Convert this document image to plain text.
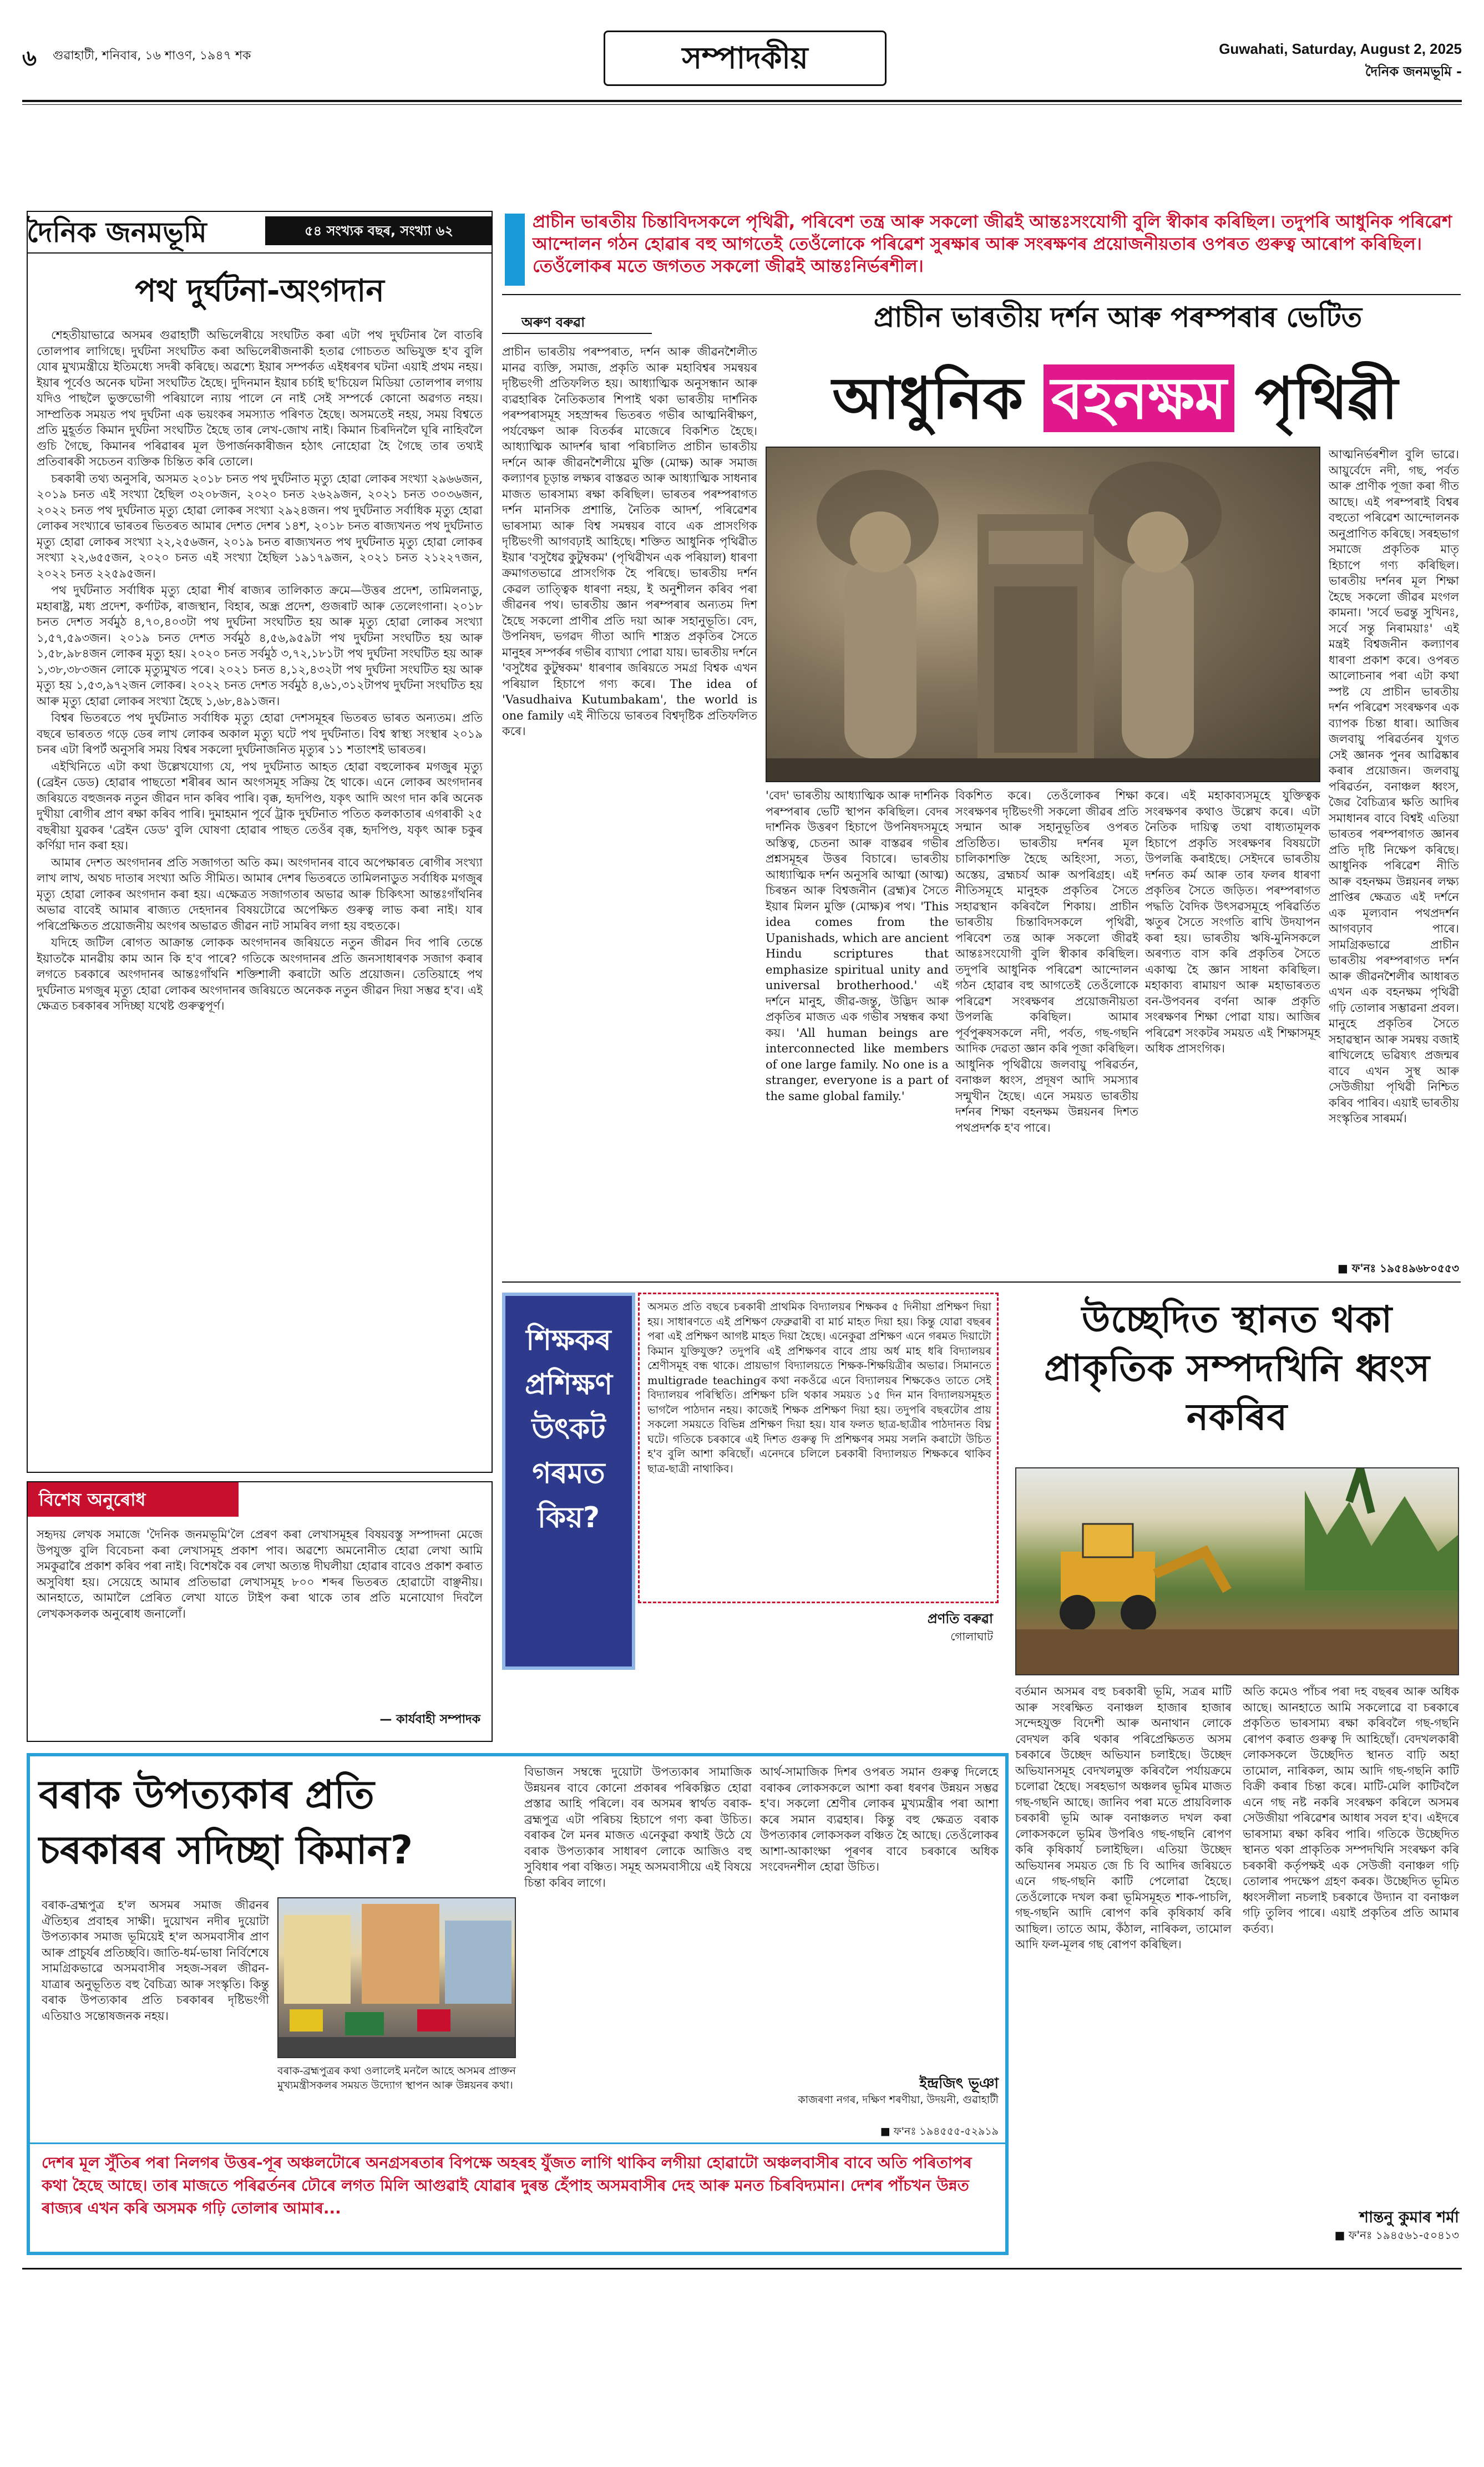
৬ গুৱাহাটী, শনিবাৰ, ১৬ শাওণ, ১৯৪৭ শক	সম্পাদকীয়	Guwahati, Saturday, August 2, 2025
দৈনিক জনমভূমি -
দৈনিক জনমভূমি	৫৪ সংখ্যক বছৰ, সংখ্যা ৬২
পথ দুৰ্ঘটনা-অংগদান

শেহতীয়াভাৱে অসমৰ গুৱাহাটী অভিলেৰীয়ে সংঘটিত কৰা এটা পথ দুৰ্ঘটনাৰ লৈ বাতৰি তোলপাৰ লাগিছে। দুৰ্ঘটনা সংঘটিত কৰা অভিলেৰীজনাকী হতাৱ গোচতত অভিযুক্ত হ'ব বুলি যোৰ মুখ্যমন্ত্ৰীয়ে ইতিমধ্যে সদৰী কৰিছে। অৱশ্যে ইয়াৰ সম্পৰ্কত এইধৰণৰ ঘটনা এয়াই প্ৰথম নহয়। ইয়াৰ পূৰ্বেও অনেক ঘটনা সংঘটিত হৈছে। দুদিনমান ইয়াৰ চৰ্চাই ছ'চিয়েল মিডিয়া তোলপাৰ লগায় যদিও পাছলৈ ভুক্তভোগী পৰিয়ালে ন্যায় পালে নে নাই সেই সম্পৰ্কে কোনো অৱগত নহয়। সাম্প্ৰতিক সময়ত পথ দুৰ্ঘটনা এক ভয়ংকৰ সমস্যাত পৰিণত হৈছে। অসমতেই নহয়, সময় বিশ্বতে প্ৰতি মুহূৰ্তত কিমান দুৰ্ঘটনা সংঘটিত হৈছে তাৰ লেখ-জোখ নাই। কিমান চিৰদিনলৈ ঘূৰি নাহিবলৈ গুচি গৈছে, কিমানৰ পৰিৱাৰৰ মূল উপাৰ্জনকাৰীজন হঠাৎ নোহোৱা হৈ গৈছে তাৰ তথ্যই প্ৰতিবাৰকী সচেতন ব্যক্তিক চিন্তিত কৰি তোলে।

চৰকাৰী তথ্য অনুসৰি, অসমত ২০১৮ চনত পথ দুৰ্ঘটনাত মৃত্যু হোৱা লোকৰ সংখ্যা ২৯৬৬জন, ২০১৯ চনত এই সংখ্যা হৈছিল ৩২০৮জন, ২০২০ চনত ২৬২৯জন, ২০২১ চনত ৩০৩৬জন, ২০২২ চনত পথ দুৰ্ঘটনাত মৃত্যু হোৱা লোকৰ সংখ্যা ২৯২৪জন। পথ দুৰ্ঘটনাত সৰ্বাধিক মৃত্যু হোৱা লোকৰ সংখ্যাৰে ভাৰতৰ ভিতৰত আমাৰ দেশত দেশৰ ১৪শ, ২০১৮ চনত ৰাজ্যখনত পথ দুৰ্ঘটনাত মৃত্যু হোৱা লোকৰ সংখ্যা ২২,২৫৬জন, ২০১৯ চনত ৰাজ্যখনত পথ দুৰ্ঘটনাত মৃত্যু হোৱা লোকৰ সংখ্যা ২২,৬৫৫জন, ২০২০ চনত এই সংখ্যা হৈছিল ১৯১৭৯জন, ২০২১ চনত ২১২২৭জন, ২০২২ চনত ২২৫৯৫জন।

পথ দুৰ্ঘটনাত সৰ্বাধিক মৃত্যু হোৱা শীৰ্ষ ৰাজ্যৰ তালিকাত ক্ৰমে—উত্তৰ প্ৰদেশ, তামিলনাডু, মহাৰাষ্ট্ৰ, মধ্য প্ৰদেশ, কৰ্ণাটক, ৰাজস্থান, বিহাৰ, অন্ধ্ৰ প্ৰদেশ, গুজৰাট আৰু তেলেংগানা। ২০১৮ চনত দেশত সৰ্বমুঠ ৪,৭০,৪০৩টা পথ দুৰ্ঘটনা সংঘটিত হয় আৰু মৃত্যু হোৱা লোকৰ সংখ্যা ১,৫৭,৫৯৩জন। ২০১৯ চনত দেশত সৰ্বমুঠ ৪,৫৬,৯৫৯টা পথ দুৰ্ঘটনা সংঘটিত হয় আৰু ১,৫৮,৯৮৪জন লোকৰ মৃত্যু হয়। ২০২০ চনত সৰ্বমুঠ ৩,৭২,১৮১টা পথ দুৰ্ঘটনা সংঘটিত হয় আৰু ১,৩৮,৩৮৩জন লোকে মৃত্যুমুখত পৰে। ২০২১ চনত ৪,১২,৪৩২টা পথ দুৰ্ঘটনা সংঘটিত হয় আৰু মৃত্যু হয় ১,৫৩,৯৭২জন লোকৰ। ২০২২ চনত দেশত সৰ্বমুঠ ৪,৬১,৩১২টাপথ দুৰ্ঘটনা সংঘটিত হয় আৰু মৃত্যু হোৱা লোকৰ সংখ্যা হৈছে ১,৬৮,৪৯১জন।

বিশ্বৰ ভিতৰতে পথ দুৰ্ঘটনাত সৰ্বাধিক মৃত্যু হোৱা দেশসমূহৰ ভিতৰত ভাৰত অন্যতম। প্ৰতি বছৰে ভাৰতত গড়ে ডেৰ লাখ লোকৰ অকাল মৃত্যু ঘটে পথ দুৰ্ঘটনাত। বিশ্ব স্বাস্থ্য সংস্থাৰ ২০১৯ চনৰ এটা ৰিপৰ্ট অনুসৰি সময় বিশ্বৰ সকলো দুৰ্ঘটনাজনিত মৃত্যুৰ ১১ শতাংশই ভাৰতৰ।

এইখিনিতে এটা কথা উল্লেখযোগ্য যে, পথ দুৰ্ঘটনাত আহত হোৱা বহুলোকৰ মগজুৰ মৃত্যু (ব্ৰেইন ডেড) হোৱাৰ পাছতো শৰীৰৰ আন অংগসমূহ সক্ৰিয় হৈ থাকে। এনে লোকৰ অংগদানৰ জৰিয়তে বহুজনক নতুন জীৱন দান কৰিব পাৰি। বৃক্ক, হৃদপিণ্ড, যকৃৎ আদি অংগ দান কৰি অনেক দুখীয়া ৰোগীৰ প্ৰাণ ৰক্ষা কৰিব পাৰি। দুমাহমান পূৰ্বে ট্ৰাক দুৰ্ঘটনাত পতিত কলকাতাৰ এগৰাকী ২৫ বছৰীয়া যুৱকৰ 'ব্ৰেইন ডেড' বুলি ঘোষণা হোৱাৰ পাছত তেওঁৰ বৃক্ক, হৃদপিণ্ড, যকৃৎ আৰু চকুৰ কৰ্ণিয়া দান কৰা হয়।

আমাৰ দেশত অংগদানৰ প্ৰতি সজাগতা অতি কম। অংগদানৰ বাবে অপেক্ষাৰত ৰোগীৰ সংখ্যা লাখ লাখ, অথচ দাতাৰ সংখ্যা অতি সীমিত। আমাৰ দেশৰ ভিতৰতে তামিলনাডুত সৰ্বাধিক মগজুৰ মৃত্যু হোৱা লোকৰ অংগদান কৰা হয়। এক্ষেত্ৰত সজাগতাৰ অভাৱ আৰু চিকিৎসা আন্তঃগাঁথনিৰ অভাৱ বাবেই আমাৰ ৰাজ্যত দেহদানৰ বিষয়টোৱে অপেক্ষিত গুৰুত্ব লাভ কৰা নাই। যাৰ পৰিপ্ৰেক্ষিতত প্ৰয়োজনীয় অংগৰ অভাৱত জীৱন নাট সামৰিব লগা হয় বহুতকে।

যদিহে জটিল ৰোগত আক্ৰান্ত লোকক অংগদানৰ জৰিয়তে নতুন জীৱন দিব পাৰি তেন্তে ইয়াতকৈ মানৱীয় কাম আন কি হ'ব পাৰে? গতিকে অংগদানৰ প্ৰতি জনসাধাৰণক সজাগ কৰাৰ লগতে চৰকাৰে অংগদানৰ আন্তঃগাঁথনি শক্তিশালী কৰাটো অতি প্ৰয়োজন। তেতিয়াহে পথ দুৰ্ঘটনাত মগজুৰ মৃত্যু হোৱা লোকৰ অংগদানৰ জৰিয়তে অনেকক নতুন জীৱন দিয়া সম্ভৱ হ'ব। এই ক্ষেত্ৰত চৰকাৰৰ সদিচ্ছা যথেষ্ট গুৰুত্বপূৰ্ণ।

বিশেষ অনুৰোধ
সহৃদয় লেখক সমাজে 'দৈনিক জনমভূমি'লৈ প্ৰেৰণ কৰা লেখাসমূহৰ বিষয়বস্তু সম্পাদনা মেজে উপযুক্ত বুলি বিবেচনা কৰা লেখাসমূহ প্ৰকাশ পাব। অৱশ্যে অমনোনীত হোৱা লেখা আমি সমকুৱাৰৈ প্ৰকাশ কৰিব পৰা নাই। বিশেষকৈ বৰ লেখা অত্যন্ত দীঘলীয়া হোৱাৰ বাবেও প্ৰকাশ কৰাত অসুবিধা হয়। সেয়েহে আমাৰ প্ৰতিভাৱা লেখাসমূহ ৮০০ শব্দৰ ভিতৰত হোৱাটো বাঞ্ছনীয়। আনহাতে, আমালৈ প্ৰেৰিত লেখা যাতে টাইপ কৰা থাকে তাৰ প্ৰতি মনোযোগ দিবলৈ লেখকসকলক অনুৰোধ জনালোঁ।
— কাৰ্যবাহী সম্পাদক
প্ৰাচীন ভাৰতীয় চিন্তাবিদসকলে পৃথিৱী, পৰিবেশ তন্ত্ৰ আৰু সকলো জীৱই আন্তঃসংযোগী বুলি স্বীকাৰ কৰিছিল। তদুপৰি আধুনিক পৰিৱেশ আন্দোলন গঠন হোৱাৰ বহু আগতেই তেওঁলোকে পৰিৱেশ সুৰক্ষাৰ আৰু সংৰক্ষণৰ প্ৰয়োজনীয়তাৰ ওপৰত গুৰুত্ব আৰোপ কৰিছিল। তেওঁলোকৰ মতে জগতত সকলো জীৱই আন্তঃনিৰ্ভৰশীল।
অৰুণ বৰুৱা	প্ৰাচীন ভাৰতীয় দৰ্শন আৰু পৰম্পৰাৰ ভেটিত
আধুনিক বহনক্ষম পৃথিৱী
প্ৰাচীন ভাৰতীয় পৰম্পৰাত, দৰ্শন আৰু জীৱনশৈলীত মানৱ ব্যক্তি, সমাজ, প্ৰকৃতি আৰু মহাবিশ্বৰ সমন্বয়ৰ দৃষ্টিভংগী প্ৰতিফলিত হয়। আধ্যাত্মিক অনুসন্ধান আৰু ব্যৱহাৰিক নৈতিকতাৰ শিপাই থকা ভাৰতীয় দাৰ্শনিক পৰম্পৰাসমূহ সহস্ৰাব্দৰ ভিতৰত গভীৰ আত্মনিৰীক্ষণ, পৰ্যবেক্ষণ আৰু বিতৰ্কৰ মাজেৰে বিকশিত হৈছে। আধ্যাত্মিক আদৰ্শৰ দ্বাৰা পৰিচালিত প্ৰাচীন ভাৰতীয় দৰ্শনে আৰু জীৱনশৈলীয়ে মুক্তি (মোক্ষ) আৰু সমাজ কল্যাণৰ চূড়ান্ত লক্ষ্যৰ বাস্তৱত আৰু আধ্যাত্মিক সাধনাৰ মাজত ভাৰসাম্য ৰক্ষা কৰিছিল। ভাৰতৰ পৰম্পৰাগত দৰ্শন মানসিক প্ৰশান্তি, নৈতিক আদৰ্শ, পৰিৱেশৰ ভাৰসাম্য আৰু বিশ্ব সমন্বয়ৰ বাবে এক প্ৰাসংগিক দৃষ্টিভংগী আগবঢ়াই আহিছে। শক্তিত আধুনিক পৃথিৱীত ইয়াৰ 'বসুধৈৱ কুটুম্বকম' (পৃথিৱীখন এক পৰিয়াল) ধাৰণা ক্ৰমাগতভাৱে প্ৰাসংগিক হৈ পৰিছে। ভাৰতীয় দৰ্শন কেৱল তাত্ত্বিক ধাৰণা নহয়, ই অনুশীলন কৰিব পৰা জীৱনৰ পথ। ভাৰতীয় জ্ঞান পৰম্পৰাৰ অন্যতম দিশ হৈছে সকলো প্ৰাণীৰ প্ৰতি দয়া আৰু সহানুভূতি। বেদ, উপনিষদ, ভগৱদ গীতা আদি শাস্ত্ৰত প্ৰকৃতিৰ সৈতে মানুহৰ সম্পৰ্কৰ গভীৰ ব্যাখ্যা পোৱা যায়। ভাৰতীয় দৰ্শনে 'বসুধৈৱ কুটুম্বকম' ধাৰণাৰ জৰিয়তে সমগ্ৰ বিশ্বক এখন পৰিয়াল হিচাপে গণ্য কৰে। The idea of 'Vasudhaiva Kutumbakam', the world is one family এই নীতিয়ে ভাৰতৰ বিশ্বদৃষ্টিক প্ৰতিফলিত কৰে।
'বেদ' ভাৰতীয় আধ্যাত্মিক আৰু দাৰ্শনিক পৰম্পৰাৰ ভেটি স্থাপন কৰিছিল। বেদৰ দাৰ্শনিক উত্তৰণ হিচাপে উপনিষদসমূহে অস্তিত্ব, চেতনা আৰু বাস্তৱৰ গভীৰ প্ৰশ্নসমূহৰ উত্তৰ বিচাৰে। ভাৰতীয় আধ্যাত্মিক দৰ্শন অনুসৰি আত্মা (আত্ম) চিৰন্তন আৰু বিশ্বজনীন (ব্ৰহ্ম)ৰ সৈতে ইয়াৰ মিলন মুক্তি (মোক্ষ)ৰ পথ। 'This idea comes from the Upanishads, which are ancient Hindu scriptures that emphasize spiritual unity and universal brotherhood.' এই দৰ্শনে মানুহ, জীৱ-জন্তু, উদ্ভিদ আৰু প্ৰকৃতিৰ মাজত এক গভীৰ সম্বন্ধৰ কথা কয়। 'All human beings are interconnected like members of one large family. No one is a stranger, everyone is a part of the same global family.'
বিকশিত কৰে। তেওঁলোকৰ শিক্ষা সংৰক্ষণৰ দৃষ্টিভংগী সকলো জীৱৰ প্ৰতি সন্মান আৰু সহানুভূতিৰ ওপৰত প্ৰতিষ্ঠিত। ভাৰতীয় দৰ্শনৰ মূল চালিকাশক্তি হৈছে অহিংসা, সত্য, অস্তেয়, ব্ৰহ্মচৰ্য আৰু অপৰিগ্ৰহ। এই নীতিসমূহে মানুহক প্ৰকৃতিৰ সৈতে সহাৱস্থান কৰিবলৈ শিকায়। প্ৰাচীন ভাৰতীয় চিন্তাবিদসকলে পৃথিৱী, পৰিবেশ তন্ত্ৰ আৰু সকলো জীৱই আন্তঃসংযোগী বুলি স্বীকাৰ কৰিছিল। তদুপৰি আধুনিক পৰিৱেশ আন্দোলন গঠন হোৱাৰ বহু আগতেই তেওঁলোকে পৰিৱেশ সংৰক্ষণৰ প্ৰয়োজনীয়তা উপলব্ধি কৰিছিল। আমাৰ পূৰ্বপুৰুষসকলে নদী, পৰ্বত, গছ-গছনি আদিক দেৱতা জ্ঞান কৰি পূজা কৰিছিল। আধুনিক পৃথিৱীয়ে জলবায়ু পৰিৱৰ্তন, বনাঞ্চল ধ্বংস, প্ৰদূষণ আদি সমস্যাৰ সন্মুখীন হৈছে। এনে সময়ত ভাৰতীয় দৰ্শনৰ শিক্ষা বহনক্ষম উন্নয়নৰ দিশত পথপ্ৰদৰ্শক হ'ব পাৰে।
কৰে। এই মহাকাব্যসমূহে যুক্তিত্বক সংৰক্ষণৰ কথাও উল্লেখ কৰে। এটা নৈতিক দায়িত্ব তথা বাধ্যতামূলক হিচাপে প্ৰকৃতি সংৰক্ষণৰ বিষয়টো উপলব্ধি কৰাইছে। সেইদৰে ভাৰতীয় দৰ্শনত কৰ্ম আৰু তাৰ ফলৰ ধাৰণা প্ৰকৃতিৰ সৈতে জড়িত। পৰম্পৰাগত পদ্ধতি বৈদিক উৎসৱসমূহে পৰিৱৰ্তিত ঋতুৰ সৈতে সংগতি ৰাখি উদযাপন কৰা হয়। ভাৰতীয় ঋষি-মুনিসকলে অৰণ্যত বাস কৰি প্ৰকৃতিৰ সৈতে একাত্ম হৈ জ্ঞান সাধনা কৰিছিল। মহাকাব্য ৰামায়ণ আৰু মহাভাৰতত বন-উপবনৰ বৰ্ণনা আৰু প্ৰকৃতি সংৰক্ষণৰ শিক্ষা পোৱা যায়। আজিৰ পৰিৱেশ সংকটৰ সময়ত এই শিক্ষাসমূহ অধিক প্ৰাসংগিক।
আত্মনিৰ্ভৰশীল বুলি ভাৱে। আয়ুৰ্বেদে নদী, গছ, পৰ্বত আৰু প্ৰাণীক পূজা কৰা গীত আছে। এই পৰম্পৰাই বিশ্বৰ বহুতো পৰিৱেশ আন্দোলনক অনুপ্ৰাণিত কৰিছে। সৰহভাগ সমাজে প্ৰকৃতিক মাতৃ হিচাপে গণ্য কৰিছিল। ভাৰতীয় দৰ্শনৰ মূল শিক্ষা হৈছে সকলো জীৱৰ মংগল কামনা। 'সৰ্বে ভৱন্তু সুখিনঃ, সৰ্বে সন্তু নিৰাময়াঃ' এই মন্ত্ৰই বিশ্বজনীন কল্যাণৰ ধাৰণা প্ৰকাশ কৰে। ওপৰত আলোচনাৰ পৰা এটা কথা স্পষ্ট যে প্ৰাচীন ভাৰতীয় দৰ্শন পৰিৱেশ সংৰক্ষণৰ এক ব্যাপক চিন্তা ধাৰা। আজিৰ জলবায়ু পৰিৱৰ্তনৰ যুগত সেই জ্ঞানক পুনৰ আৱিষ্কাৰ কৰাৰ প্ৰয়োজন। জলবায়ু পৰিৱৰ্তন, বনাঞ্চল ধ্বংস, জৈৱ বৈচিত্ৰ্যৰ ক্ষতি আদিৰ সমাধানৰ বাবে বিশ্বই এতিয়া ভাৰতৰ পৰম্পৰাগত জ্ঞানৰ প্ৰতি দৃষ্টি নিক্ষেপ কৰিছে। আধুনিক পৰিৱেশ নীতি আৰু বহনক্ষম উন্নয়নৰ লক্ষ্য প্ৰাপ্তিৰ ক্ষেত্ৰত এই দৰ্শনে এক মূল্যবান পথপ্ৰদৰ্শন আগবঢ়াব পাৰে। সামগ্ৰিকভাৱে প্ৰাচীন ভাৰতীয় পৰম্পৰাগত দৰ্শন আৰু জীৱনশৈলীৰ আধাৰত এখন এক বহনক্ষম পৃথিৱী গঢ়ি তোলাৰ সম্ভাৱনা প্ৰবল। মানুহে প্ৰকৃতিৰ সৈতে সহাৱস্থান আৰু সমন্বয় বজাই ৰাখিলেহে ভৱিষ্যৎ প্ৰজন্মৰ বাবে এখন সুস্থ আৰু সেউজীয়া পৃথিৱী নিশ্চিত কৰিব পাৰিব। এয়াই ভাৰতীয় সংস্কৃতিৰ সাৰমৰ্ম।
■ ফ'নঃ ১৯৫৪৯৬৮০৫৫৩
শিক্ষকৰ প্ৰশিক্ষণ উৎকট গৰমত কিয়?
অসমত প্ৰতি বছৰে চৰকাৰী প্ৰাথমিক বিদ্যালয়ৰ শিক্ষকৰ ৫ দিনীয়া প্ৰশিক্ষণ দিয়া হয়। সাধাৰণতে এই প্ৰশিক্ষণ ফেব্ৰুৱাৰী বা মাৰ্চ মাহত দিয়া হয়। কিন্তু যোৱা বছৰৰ পৰা এই প্ৰশিক্ষণ আগষ্ট মাহত দিয়া হৈছে। এনেকুৱা প্ৰশিক্ষণ এনে গৰমত দিয়াটো কিমান যুক্তিযুক্ত? তদুপৰি এই প্ৰশিক্ষণৰ বাবে প্ৰায় অৰ্ধ মাহ ধৰি বিদ্যালয়ৰ শ্ৰেণীসমূহ বন্ধ থাকে। প্ৰায়ভাগ বিদ্যালয়তে শিক্ষক-শিক্ষয়িত্ৰীৰ অভাৱ। সিমানতে multigrade teachingৰ কথা নকওঁৱে এনে বিদ্যালয়ৰ শিক্ষকেও তাতে সেই বিদ্যালয়ৰ পৰিস্থিতি। প্ৰশিক্ষণ চলি থকাৰ সময়ত ১৫ দিন মান বিদ্যালয়সমূহত ভাগলৈ পাঠদান নহয়। কাজেই শিক্ষক প্ৰশিক্ষণ দিয়া হয়। তদুপৰি বছৰটোৰ প্ৰায় সকলো সময়তে বিভিন্ন প্ৰশিক্ষণ দিয়া হয়। যাৰ ফলত ছাত্ৰ-ছাত্ৰীৰ পাঠদানত বিঘ্ন ঘটে। গতিকে চৰকাৰে এই দিশত গুৰুত্ব দি প্ৰশিক্ষণৰ সময় সলনি কৰাটো উচিত হ'ব বুলি আশা কৰিছোঁ। এনেদৰে চলিলে চৰকাৰী বিদ্যালয়ত শিক্ষকৰে থাকিব ছাত্ৰ-ছাত্ৰী নাথাকিব।
প্ৰণতি বৰুৱা
গোলাঘাট
উচ্ছেদিত স্থানত থকা প্ৰাকৃতিক সম্পদখিনি ধ্বংস নকৰিব
বৰ্তমান অসমৰ বহু চৰকাৰী ভূমি, সত্ৰৰ মাটি আৰু সংৰক্ষিত বনাঞ্চল হাজাৰ হাজাৰ সন্দেহযুক্ত বিদেশী আৰু অনাথান লোকে বেদখল কৰি থকাৰ পৰিপ্ৰেক্ষিতত অসম চৰকাৰে উচ্ছেদ অভিযান চলাইছে। উচ্ছেদ অভিযানসমূহ বেদখলমুক্ত কৰিবলৈ পৰ্যায়ক্ৰমে চলোৱা হৈছে। সৰহভাগ অঞ্চলৰ ভূমিৰ মাজত গছ-গছনি আছে। জানিব পৰা মতে প্ৰায়বিলাক চৰকাৰী ভূমি আৰু বনাঞ্চলত দখল কৰা লোকসকলে ভূমিৰ উপৰিও গছ-গছনি ৰোপণ কৰি কৃষিকাৰ্য চলাইছিল। এতিয়া উচ্ছেদ অভিযানৰ সময়ত জে চি বি আদিৰ জৰিয়তে এনে গছ-গছনি কাটি পেলোৱা হৈছে। তেওঁলোকে দখল কৰা ভূমিসমূহত শাক-পাচলি, গছ-গছনি আদি ৰোপণ কৰি কৃষিকাৰ্য কৰি আছিল। তাতে আম, কঁঠাল, নাৰিকল, তামোল আদি ফল-মূলৰ গছ ৰোপণ কৰিছিল।
অতি কমেও পাঁচৰ পৰা দহ বছৰৰ আৰু অধিক আছে। আনহাতে আমি সকলোৱে বা চৰকাৰে প্ৰকৃতিত ভাৰসাম্য ৰক্ষা কৰিবলৈ গছ-গছনি ৰোপণ কৰাত গুৰুত্ব দি আহিছোঁ। বেদখলকাৰী লোকসকলে উচ্ছেদিত স্থানত বাঢ়ি অহা তামোল, নাৰিকল, আম আদি গছ-গছনি কাটি বিক্ৰী কৰাৰ চিন্তা কৰে। মাটি-মেলি কাটিবলৈ এনে গছ নষ্ট নকৰি সংৰক্ষণ কৰিলে অসমৰ সেউজীয়া পৰিৱেশৰ আধাৰ সবল হ'ব। এইদৰে ভাৰসাম্য ৰক্ষা কৰিব পাৰি। গতিকে উচ্ছেদিত স্থানত থকা প্ৰাকৃতিক সম্পদখিনি সংৰক্ষণ কৰি চৰকাৰী কৰ্তৃপক্ষই এক সেউজী বনাঞ্চল গঢ়ি তোলাৰ পদক্ষেপ গ্ৰহণ কৰক। উচ্ছেদিত ভূমিত ধ্বংসলীলা নচলাই চৰকাৰে উদ্যান বা বনাঞ্চল গঢ়ি তুলিব পাৰে। এয়াই প্ৰকৃতিৰ প্ৰতি আমাৰ কৰ্তব্য।
শান্তনু কুমাৰ শৰ্মা
■ ফ'নঃ ১৯৪৫৬১-৫০৪১৩
বৰাক উপত্যকাৰ প্ৰতি চৰকাৰৰ সদিচ্ছা কিমান?
বৰাক-ব্ৰহ্মপুত্ৰ হ'ল অসমৰ সমাজ জীৱনৰ ঐতিহ্যৰ প্ৰবাহৰ সাক্ষী। দুয়োখন নদীৰ দুয়োটা উপত্যকাৰ সমাজ ভূমিয়েই হ'ল অসমবাসীৰ প্ৰাণ আৰু প্ৰাচুৰ্যৰ প্ৰতিচ্ছবি। জাতি-ধৰ্ম-ভাষা নিৰ্বিশেষে সামগ্ৰিকভাৱে অসমবাসীৰ সহজ-সৰল জীৱন-যাত্ৰাৰ অনুভূতিত বহু বৈচিত্ৰ্য আৰু সংস্কৃতি। কিন্তু বৰাক উপত্যকাৰ প্ৰতি চৰকাৰৰ দৃষ্টিভংগী এতিয়াও সন্তোষজনক নহয়।
বৰাক-ব্ৰহ্মপুত্ৰৰ কথা ওলালেই মনলৈ আহে অসমৰ প্ৰাক্তন মুখ্যমন্ত্ৰীসকলৰ সময়ত উদ্যোগ স্থাপন আৰু উন্নয়নৰ কথা।
বিভাজন সম্বন্ধে দুয়োটা উপত্যকাৰ সামাজিক উন্নয়নৰ বাবে কোনো প্ৰকাৰৰ পৰিকল্পিত হোৱা প্ৰস্তাৱ আহি পৰিলে। বৰ অসমৰ স্বাৰ্থত বৰাক-ব্ৰহ্মপুত্ৰ এটা পৰিচয় হিচাপে গণ্য কৰা উচিত। বৰাকৰ লৈ মনৰ মাজত এনেকুৱা কথাই উঠে যে বৰাক উপত্যকাৰ সাধাৰণ লোকে আজিও বহু সুবিধাৰ পৰা বঞ্চিত। সমূহ অসমবাসীয়ে এই বিষয়ে চিন্তা কৰিব লাগে।
আৰ্থ-সামাজিক দিশৰ ওপৰত সমান গুৰুত্ব দিলেহে বৰাকৰ লোকসকলে আশা কৰা ধৰণৰ উন্নয়ন সম্ভৱ হ'ব। সকলো শ্ৰেণীৰ লোকৰ মুখ্যমন্ত্ৰীৰ পৰা আশা কৰে সমান ব্যৱহাৰ। কিন্তু বহু ক্ষেত্ৰত বৰাক উপত্যকাৰ লোকসকল বঞ্চিত হৈ আছে। তেওঁলোকৰ আশা-আকাংক্ষা পূৰণৰ বাবে চৰকাৰে অধিক সংবেদনশীল হোৱা উচিত।
ইন্দ্ৰজিৎ ভূঞা
কাজৰণা নগৰ, দক্ষিণ শৰণীয়া, উদয়নী, গুৱাহাটী
■ ফ'নঃ ১৯৪৫৫৫-৫২৯১৯
দেশৰ মূল সুঁতিৰ পৰা নিলগৰ উত্তৰ-পূৰ অঞ্চলটোৰে অনগ্ৰসৰতাৰ বিপক্ষে অহৰহ যুঁজত লাগি থাকিব লগীয়া হোৱাটো অঞ্চলবাসীৰ বাবে অতি পৰিতাপৰ কথা হৈছে আছে। তাৰ মাজতে পৰিৱৰ্তনৰ ঢৌৰে লগত মিলি আগুৱাই যোৱাৰ দুৰন্ত হেঁপাহ অসমবাসীৰ দেহ আৰু মনত চিৰবিদ্যমান। দেশৰ পাঁচখন উন্নত ৰাজ্যৰ এখন কৰি অসমক গঢ়ি তোলাৰ আমাৰ...
